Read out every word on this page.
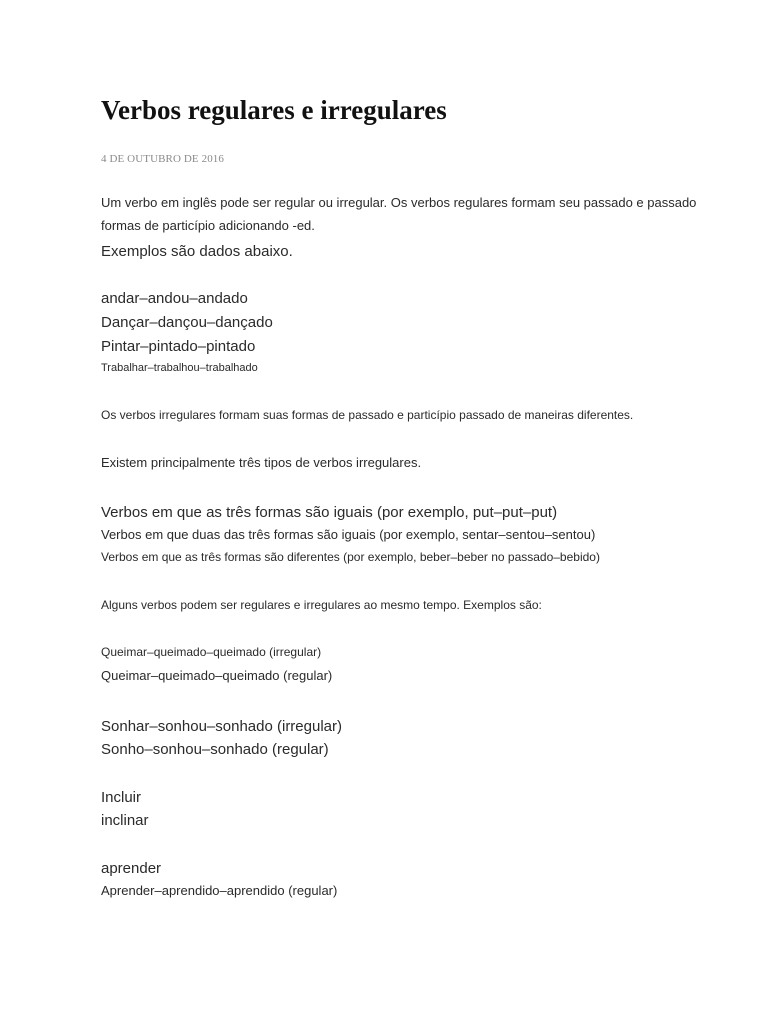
Verbos regulares e irregulares
4 DE OUTUBRO DE 2016

Um verbo em inglês pode ser regular ou irregular. Os verbos regulares formam seu passado e passado

formas de particípio adicionando -ed.

Exemplos são dados abaixo.

andar–andou–andado

Dançar–dançou–dançado

Pintar–pintado–pintado

Trabalhar–trabalhou–trabalhado

Os verbos irregulares formam suas formas de passado e particípio passado de maneiras diferentes.

Existem principalmente três tipos de verbos irregulares.

Verbos em que as três formas são iguais (por exemplo, put–put–put)

Verbos em que duas das três formas são iguais (por exemplo, sentar–sentou–sentou)

Verbos em que as três formas são diferentes (por exemplo, beber–beber no passado–bebido)

Alguns verbos podem ser regulares e irregulares ao mesmo tempo. Exemplos são:

Queimar–queimado–queimado (irregular)

Queimar–queimado–queimado (regular)

Sonhar–sonhou–sonhado (irregular)

Sonho–sonhou–sonhado (regular)

Incluir

inclinar

aprender

Aprender–aprendido–aprendido (regular)
